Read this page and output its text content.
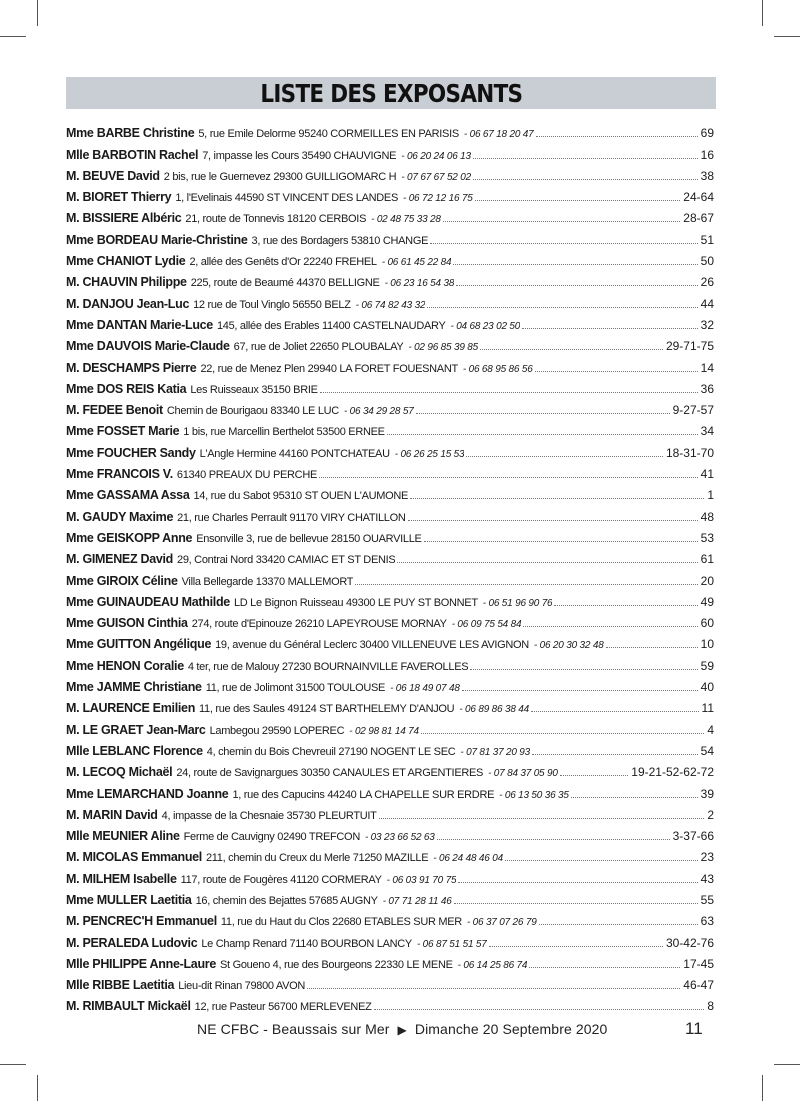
LISTE DES EXPOSANTS
Mme BARBE Christine 5, rue Emile Delorme 95240 CORMEILLES EN PARISIS - 06 67 18 20 47	69
Mlle BARBOTIN Rachel 7, impasse les Cours 35490 CHAUVIGNE - 06 20 24 06 13	16
M. BEUVE David 2 bis, rue le Guernevez 29300 GUILLIGOMARC H - 07 67 67 52 02	38
M. BIORET Thierry 1, l'Evelinais 44590 ST VINCENT DES LANDES - 06 72 12 16 75	24-64
M. BISSIERE Albéric 21, route de Tonnevis 18120 CERBOIS - 02 48 75 33 28	28-67
Mme BORDEAU Marie-Christine 3, rue des Bordagers 53810 CHANGE	51
Mme CHANIOT Lydie 2, allée des Genêts d'Or 22240 FREHEL - 06 61 45 22 84	50
M. CHAUVIN Philippe 225, route de Beaumé 44370 BELLIGNE - 06 23 16 54 38	26
M. DANJOU Jean-Luc 12 rue de Toul Vinglo 56550 BELZ - 06 74 82 43 32	44
Mme DANTAN Marie-Luce 145, allée des Erables 11400 CASTELNAUDARY - 04 68 23 02 50	32
Mme DAUVOIS Marie-Claude 67, rue de Joliet 22650 PLOUBALAY - 02 96 85 39 85	29-71-75
M. DESCHAMPS Pierre 22, rue de Menez Plen 29940 LA FORET FOUESNANT - 06 68 95 86 56	14
Mme DOS REIS Katia Les Ruisseaux 35150 BRIE	36
M. FEDEE Benoit Chemin de Bourigaou 83340 LE LUC - 06 34 29 28 57	9-27-57
Mme FOSSET Marie 1 bis, rue Marcellin Berthelot 53500 ERNEE	34
Mme FOUCHER Sandy L'Angle Hermine 44160 PONTCHATEAU - 06 26 25 15 53	18-31-70
Mme FRANCOIS V. 61340 PREAUX DU PERCHE	41
Mme GASSAMA Assa 14, rue du Sabot 95310 ST OUEN L'AUMONE	1
M. GAUDY Maxime 21, rue Charles Perrault 91170 VIRY CHATILLON	48
Mme GEISKOPP Anne Ensonville 3, rue de bellevue 28150 OUARVILLE	53
M. GIMENEZ David 29, Contrai Nord 33420 CAMIAC ET ST DENIS	61
Mme GIROIX Céline Villa Bellegarde 13370 MALLEMORT	20
Mme GUINAUDEAU Mathilde LD Le Bignon Ruisseau 49300 LE PUY ST BONNET - 06 51 96 90 76	49
Mme GUISON Cinthia 274, route d'Epinouze 26210 LAPEYROUSE MORNAY - 06 09 75 54 84	60
Mme GUITTON Angélique 19, avenue du Général Leclerc 30400 VILLENEUVE LES AVIGNON - 06 20 30 32 48	10
Mme HENON Coralie 4 ter, rue de Malouy 27230 BOURNAINVILLE FAVEROLLES	59
Mme JAMME Christiane 11, rue de Jolimont 31500 TOULOUSE - 06 18 49 07 48	40
M. LAURENCE Emilien 11, rue des Saules 49124 ST BARTHELEMY D'ANJOU - 06 89 86 38 44	11
M. LE GRAET Jean-Marc Lambegou 29590 LOPEREC - 02 98 81 14 74	4
Mlle LEBLANC Florence 4, chemin du Bois Chevreuil 27190 NOGENT LE SEC - 07 81 37 20 93	54
M. LECOQ Michaël 24, route de Savignargues 30350 CANAULES ET ARGENTIERES - 07 84 37 05 90	19-21-52-62-72
Mme LEMARCHAND Joanne 1, rue des Capucins 44240 LA CHAPELLE SUR ERDRE - 06 13 50 36 35	39
M. MARIN David 4, impasse de la Chesnaie 35730 PLEURTUIT	2
Mlle MEUNIER Aline Ferme de Cauvigny 02490 TREFCON - 03 23 66 52 63	3-37-66
M. MICOLAS Emmanuel 211, chemin du Creux du Merle 71250 MAZILLE - 06 24 48 46 04	23
M. MILHEM Isabelle 117, route de Fougères 41120 CORMERAY - 06 03 91 70 75	43
Mme MULLER Laetitia 16, chemin des Bejattes 57685 AUGNY - 07 71 28 11 46	55
M. PENCREC'H Emmanuel 11, rue du Haut du Clos 22680 ETABLES SUR MER - 06 37 07 26 79	63
M. PERALEDA Ludovic Le Champ Renard 71140 BOURBON LANCY - 06 87 51 51 57	30-42-76
Mlle PHILIPPE Anne-Laure St Goueno 4, rue des Bourgeons 22330 LE MENE - 06 14 25 86 74	17-45
Mlle RIBBE Laetitia Lieu-dit Rinan 79800 AVON	46-47
M. RIMBAULT Mickaël 12, rue Pasteur 56700 MERLEVENEZ	8
NE CFBC - Beaussais sur Mer ▶ Dimanche 20 Septembre 2020	11
